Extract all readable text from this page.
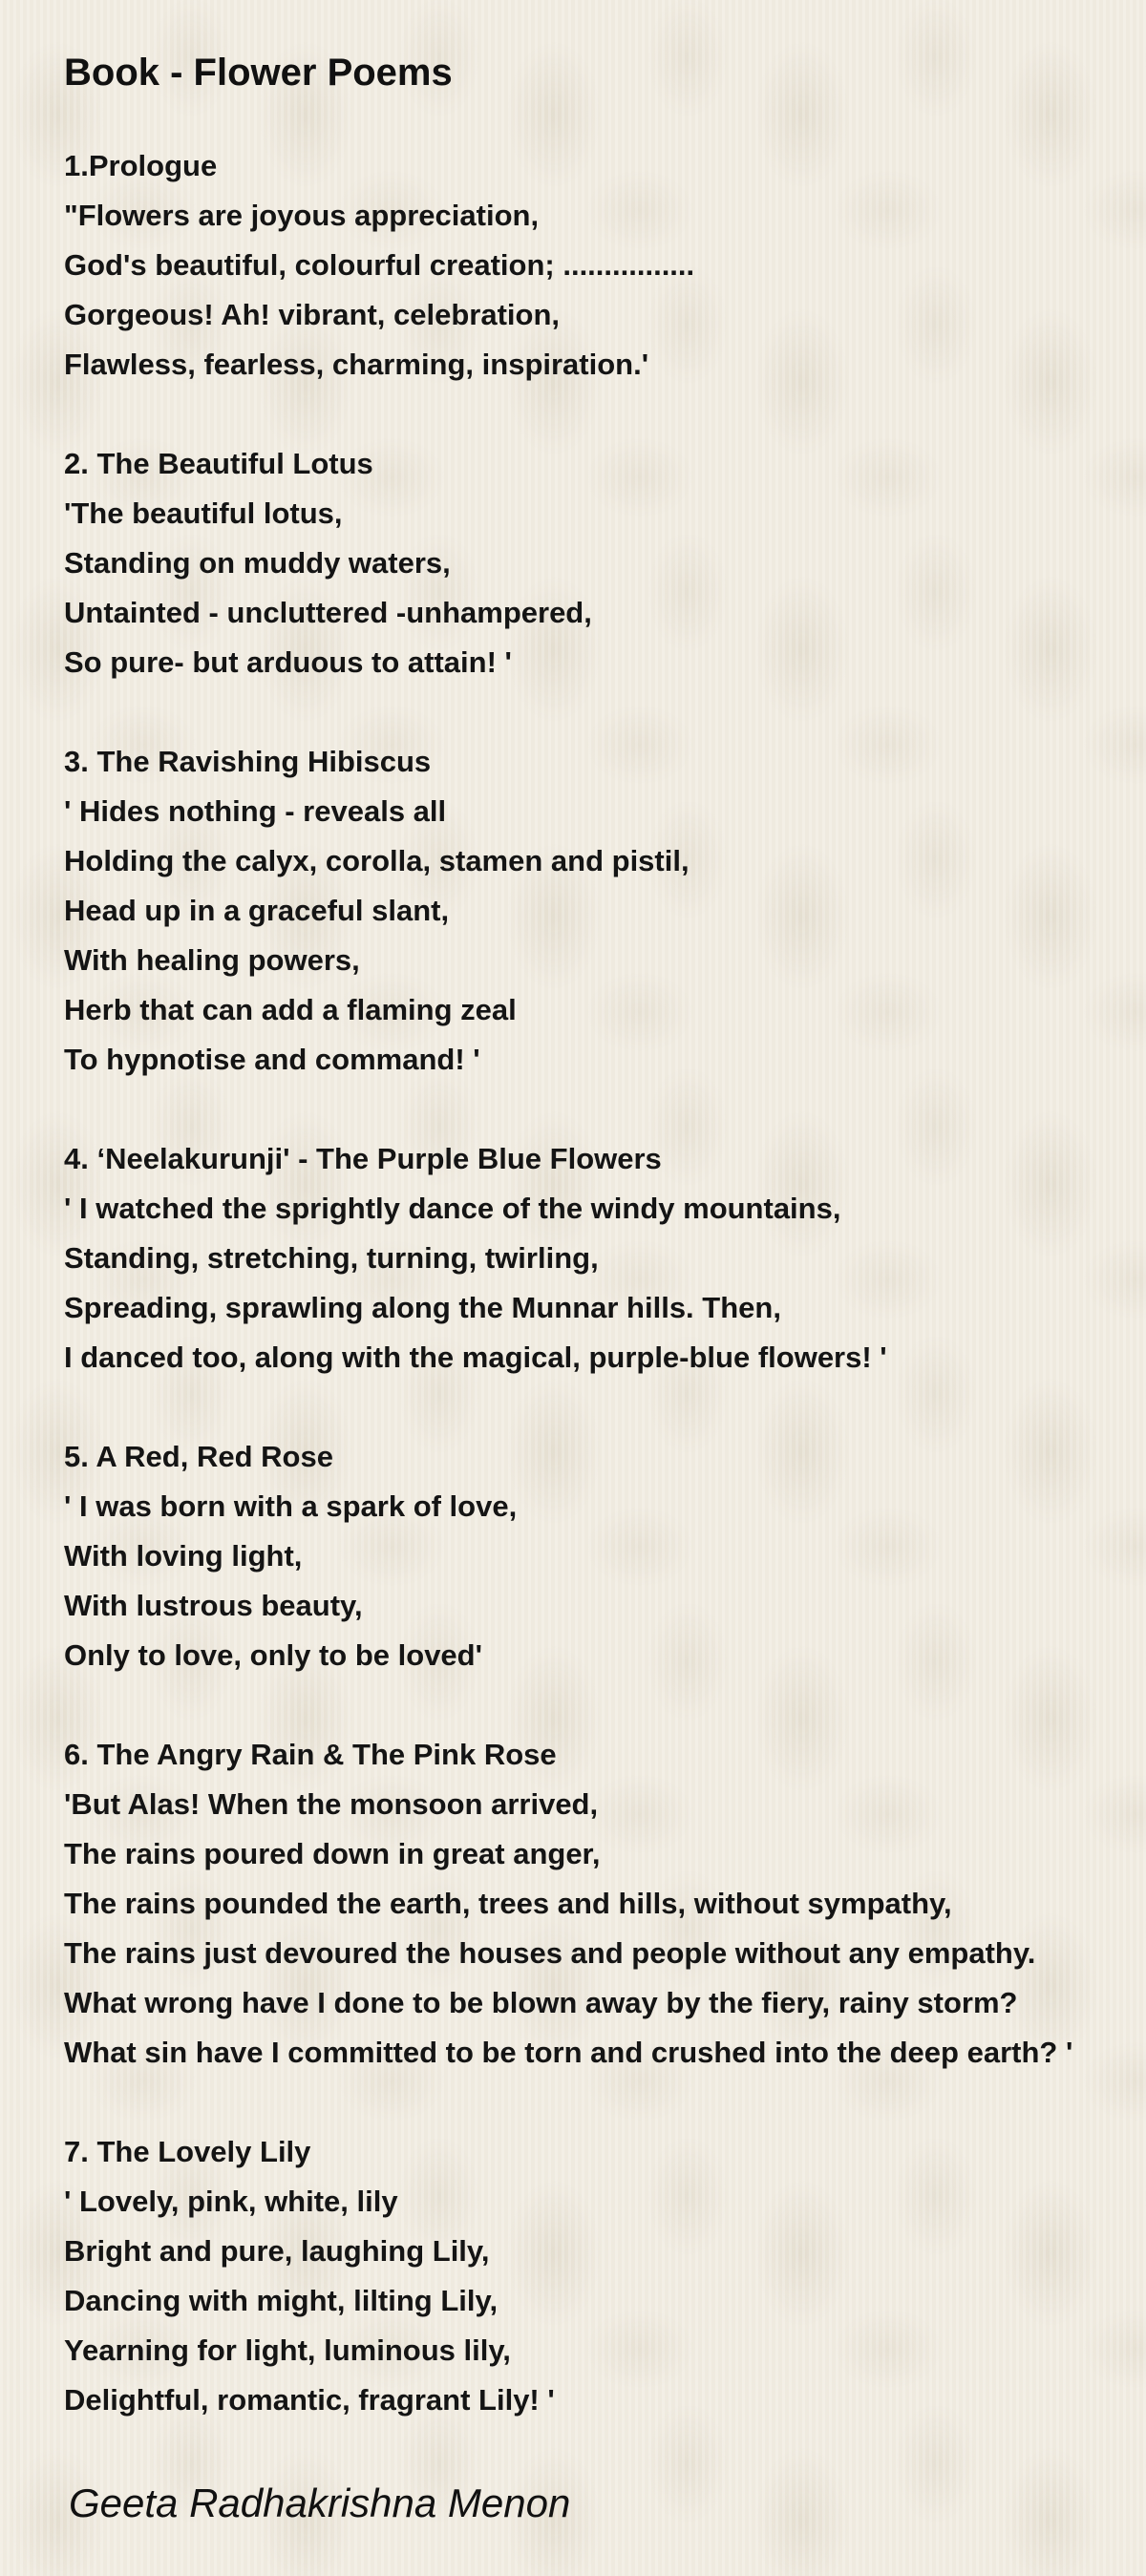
Book - Flower Poems
1.Prologue
"Flowers are joyous appreciation,
God's beautiful, colourful creation; ................
Gorgeous! Ah! vibrant, celebration,
Flawless, fearless, charming, inspiration.'
2. The Beautiful Lotus
'The beautiful lotus,
Standing on muddy waters,
Untainted - uncluttered -unhampered,
So pure- but arduous to attain! '
3. The Ravishing Hibiscus
' Hides nothing - reveals all
Holding the calyx, corolla, stamen and pistil,
Head up in a graceful slant,
With healing powers,
Herb that can add a flaming zeal
To hypnotise and command! '
4. ‘Neelakurunji' - The Purple Blue Flowers
' I watched the sprightly dance of the windy mountains,
Standing, stretching, turning, twirling,
Spreading, sprawling along the Munnar hills. Then,
I danced too, along with the magical, purple-blue flowers! '
5. A Red, Red Rose
' I was born with a spark of love,
With loving light,
With lustrous beauty,
Only to love, only to be loved'
6. The Angry Rain & The Pink Rose
'But Alas! When the monsoon arrived,
The rains poured down in great anger,
The rains pounded the earth, trees and hills, without sympathy,
The rains just devoured the houses and people without any empathy.
What wrong have I done to be blown away by the fiery, rainy storm?
What sin have I committed to be torn and crushed into the deep earth? '
7. The Lovely Lily
' Lovely, pink, white, lily
Bright and pure, laughing Lily,
Dancing with might, lilting Lily,
Yearning for light, luminous lily,
Delightful, romantic, fragrant Lily! '

Geeta Radhakrishna Menon
